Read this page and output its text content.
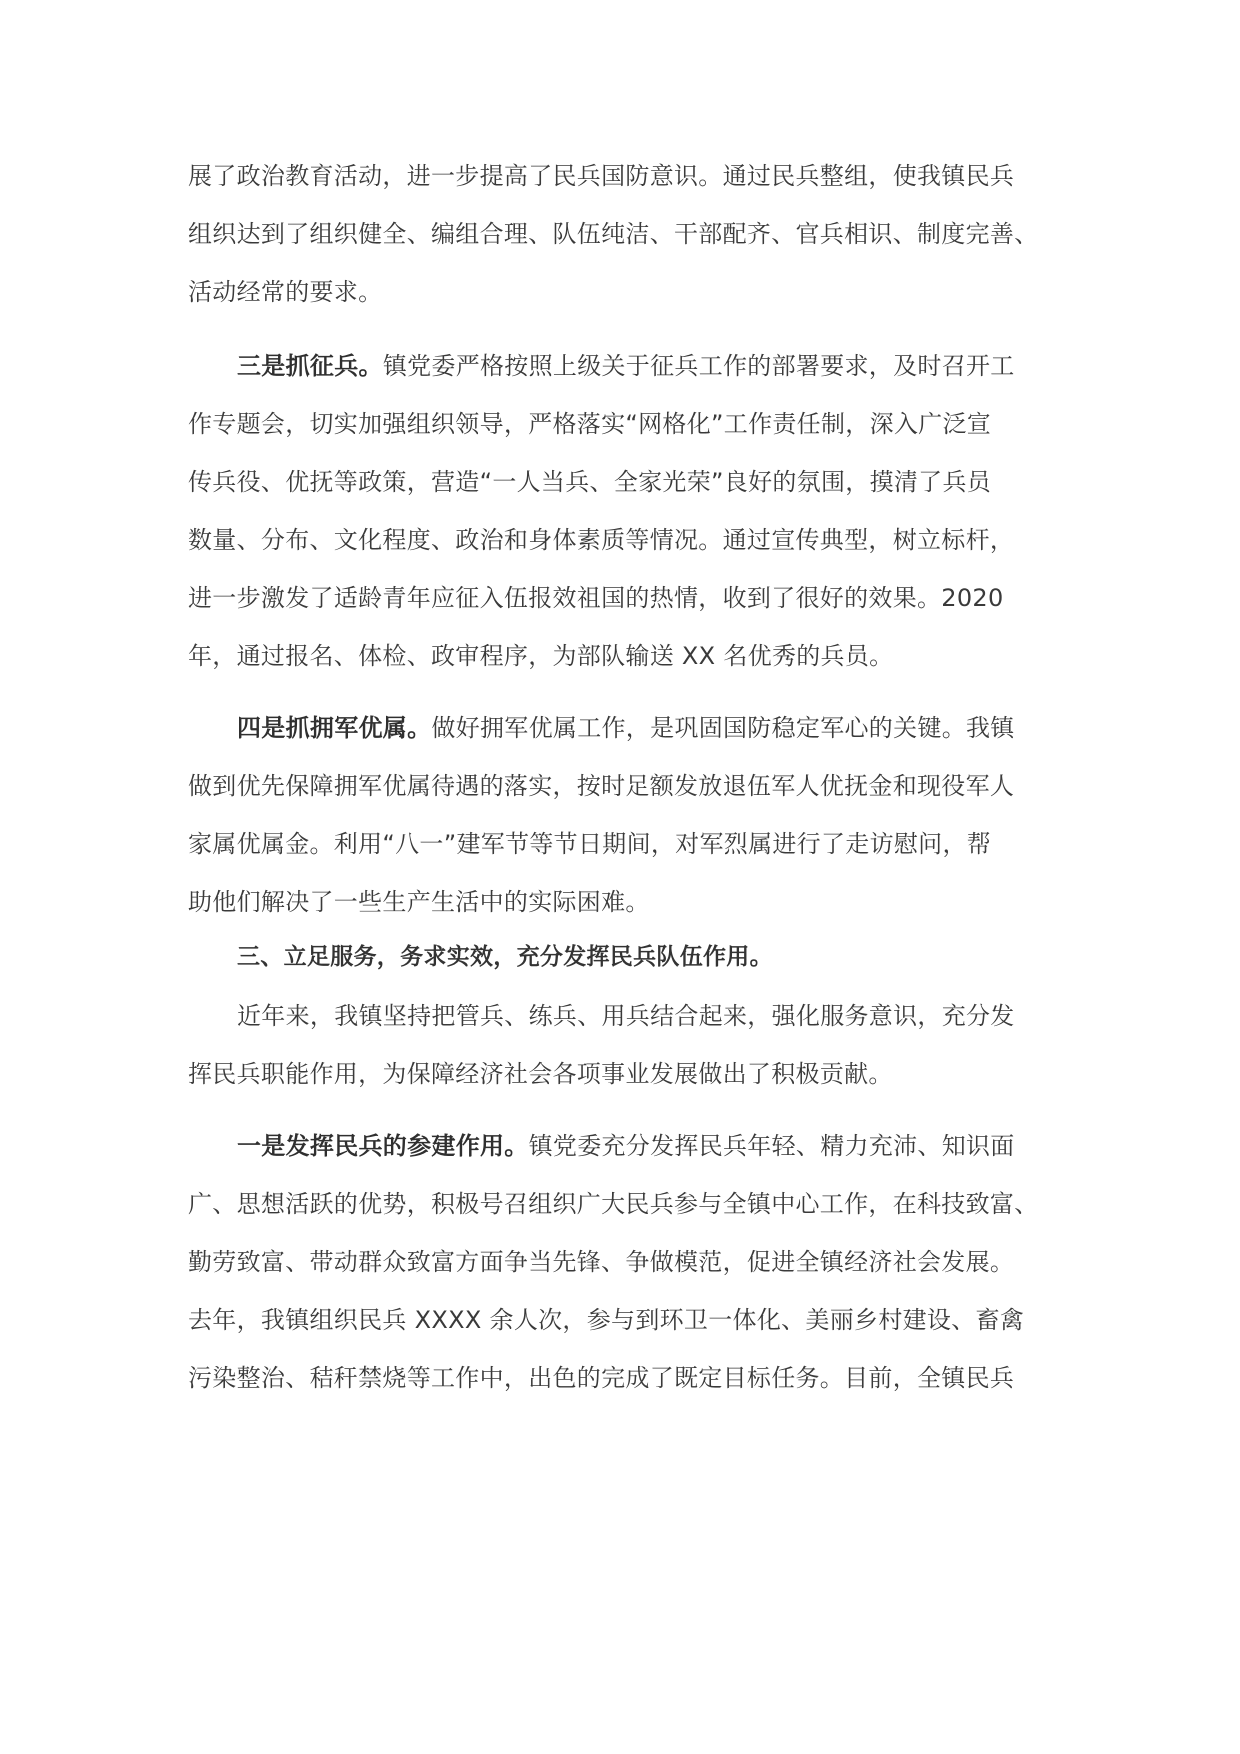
展了政治教育活动，进一步提高了民兵国防意识。通过民兵整组，使我镇民兵
组织达到了组织健全、编组合理、队伍纯洁、干部配齐、官兵相识、制度完善、
活动经常的要求。
三是抓征兵。镇党委严格按照上级关于征兵工作的部署要求，及时召开工
作专题会，切实加强组织领导，严格落实“网格化”工作责任制，深入广泛宣
传兵役、优抚等政策，营造“一人当兵、全家光荣”良好的氛围，摸清了兵员
数量、分布、文化程度、政治和身体素质等情况。通过宣传典型，树立标杆，
进一步激发了适龄青年应征入伍报效祖国的热情，收到了很好的效果。2020
年，通过报名、体检、政审程序，为部队输送 XX 名优秀的兵员。
四是抓拥军优属。做好拥军优属工作，是巩固国防稳定军心的关键。我镇
做到优先保障拥军优属待遇的落实，按时足额发放退伍军人优抚金和现役军人
家属优属金。利用“八一”建军节等节日期间，对军烈属进行了走访慰问，帮
助他们解决了一些生产生活中的实际困难。
三、立足服务，务求实效，充分发挥民兵队伍作用。
近年来，我镇坚持把管兵、练兵、用兵结合起来，强化服务意识，充分发
挥民兵职能作用，为保障经济社会各项事业发展做出了积极贡献。
一是发挥民兵的参建作用。镇党委充分发挥民兵年轻、精力充沛、知识面
广、思想活跃的优势，积极号召组织广大民兵参与全镇中心工作，在科技致富、
勤劳致富、带动群众致富方面争当先锋、争做模范，促进全镇经济社会发展。
去年，我镇组织民兵 XXXX 余人次，参与到环卫一体化、美丽乡村建设、畜禽
污染整治、秸秆禁烧等工作中，出色的完成了既定目标任务。目前，全镇民兵
